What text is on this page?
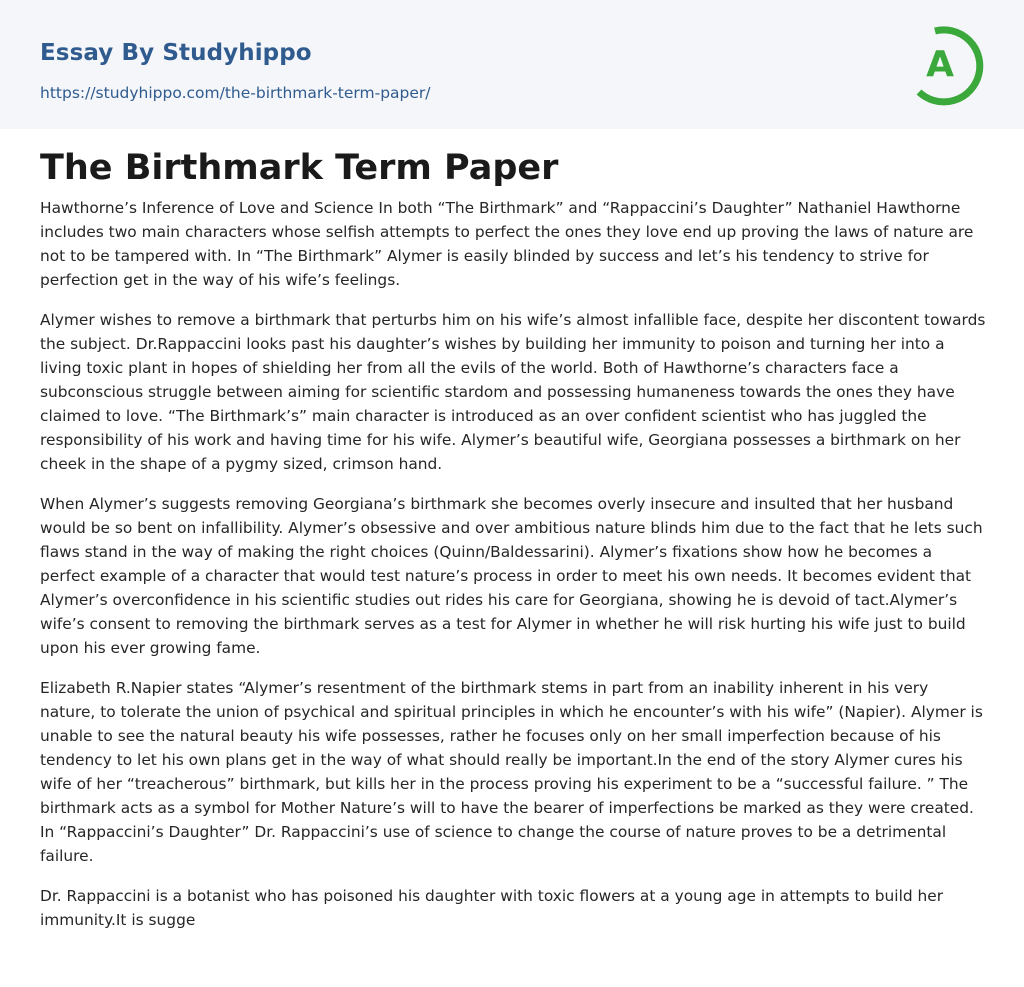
Essay By Studyhippo
https://studyhippo.com/the-birthmark-term-paper/
A
The Birthmark Term Paper

Hawthorne’s Inference of Love and Science In both “The Birthmark” and “Rappaccini’s Daughter” Nathaniel Hawthorne includes two main characters whose selfish attempts to perfect the ones they love end up proving the laws of nature are not to be tampered with. In “The Birthmark” Alymer is easily blinded by success and let’s his tendency to strive for perfection get in the way of his wife’s feelings.

Alymer wishes to remove a birthmark that perturbs him on his wife’s almost infallible face, despite her discontent towards the subject. Dr.Rappaccini looks past his daughter’s wishes by building her immunity to poison and turning her into a living toxic plant in hopes of shielding her from all the evils of the world. Both of Hawthorne’s characters face a subconscious struggle between aiming for scientific stardom and possessing humaneness towards the ones they have claimed to love. “The Birthmark’s” main character is introduced as an over confident scientist who has juggled the responsibility of his work and having time for his wife. Alymer’s beautiful wife, Georgiana possesses a birthmark on her cheek in the shape of a pygmy sized, crimson hand.

When Alymer’s suggests removing Georgiana’s birthmark she becomes overly insecure and insulted that her husband would be so bent on infallibility. Alymer’s obsessive and over ambitious nature blinds him due to the fact that he lets such flaws stand in the way of making the right choices (Quinn/Baldessarini). Alymer’s fixations show how he becomes a perfect example of a character that would test nature’s process in order to meet his own needs. It becomes evident that Alymer’s overconfidence in his scientific studies out rides his care for Georgiana, showing he is devoid of tact.Alymer’s wife’s consent to removing the birthmark serves as a test for Alymer in whether he will risk hurting his wife just to build upon his ever growing fame.

Elizabeth R.Napier states “Alymer’s resentment of the birthmark stems in part from an inability inherent in his very nature, to tolerate the union of psychical and spiritual principles in which he encounter’s with his wife” (Napier). Alymer is unable to see the natural beauty his wife possesses, rather he focuses only on her small imperfection because of his tendency to let his own plans get in the way of what should really be important.In the end of the story Alymer cures his wife of her “treacherous” birthmark, but kills her in the process proving his experiment to be a “successful failure. ” The birthmark acts as a symbol for Mother Nature’s will to have the bearer of imperfections be marked as they were created. In “Rappaccini’s Daughter” Dr. Rappaccini’s use of science to change the course of nature proves to be a detrimental failure.

Dr. Rappaccini is a botanist who has poisoned his daughter with toxic flowers at a young age in attempts to build her immunity.It is sugge
